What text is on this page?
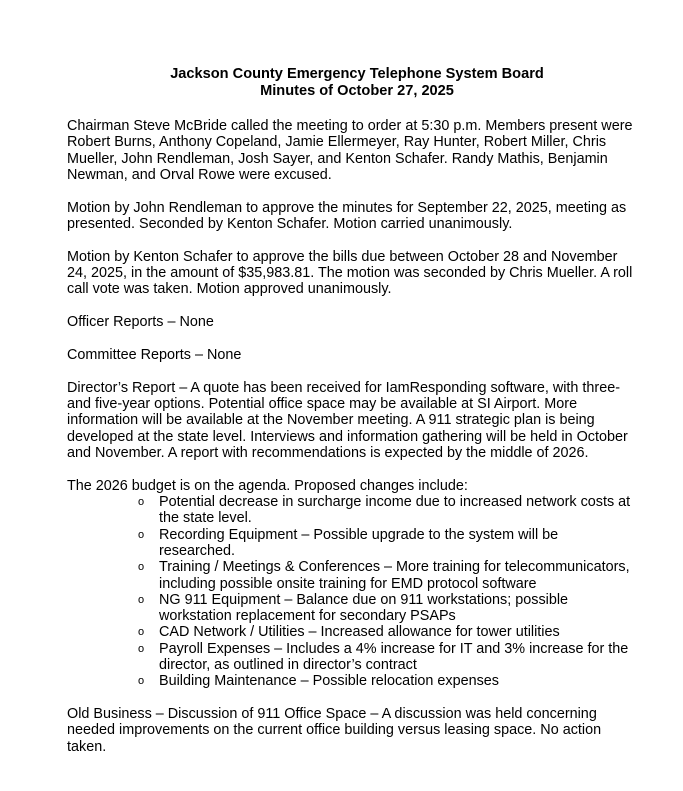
Jackson County Emergency Telephone System Board
Minutes of October 27, 2025

Chairman Steve McBride called the meeting to order at 5:30 p.m. Members present were Robert Burns, Anthony Copeland, Jamie Ellermeyer, Ray Hunter, Robert Miller, Chris Mueller, John Rendleman, Josh Sayer, and Kenton Schafer. Randy Mathis, Benjamin Newman, and Orval Rowe were excused.

Motion by John Rendleman to approve the minutes for September 22, 2025, meeting as presented. Seconded by Kenton Schafer. Motion carried unanimously.

Motion by Kenton Schafer to approve the bills due between October 28 and November 24, 2025, in the amount of $35,983.81. The motion was seconded by Chris Mueller. A roll call vote was taken. Motion approved unanimously.

Officer Reports – None

Committee Reports – None

Director’s Report – A quote has been received for IamResponding software, with three- and five-year options. Potential office space may be available at SI Airport. More information will be available at the November meeting. A 911 strategic plan is being developed at the state level. Interviews and information gathering will be held in October and November. A report with recommendations is expected by the middle of 2026.

The 2026 budget is on the agenda. Proposed changes include:
o Potential decrease in surcharge income due to increased network costs at the state level.
o Recording Equipment – Possible upgrade to the system will be researched.
o Training / Meetings & Conferences – More training for telecommunicators, including possible onsite training for EMD protocol software
o NG 911 Equipment – Balance due on 911 workstations; possible workstation replacement for secondary PSAPs
o CAD Network / Utilities – Increased allowance for tower utilities
o Payroll Expenses – Includes a 4% increase for IT and 3% increase for the director, as outlined in director’s contract
o Building Maintenance – Possible relocation expenses

Old Business – Discussion of 911 Office Space – A discussion was held concerning needed improvements on the current office building versus leasing space. No action taken.
